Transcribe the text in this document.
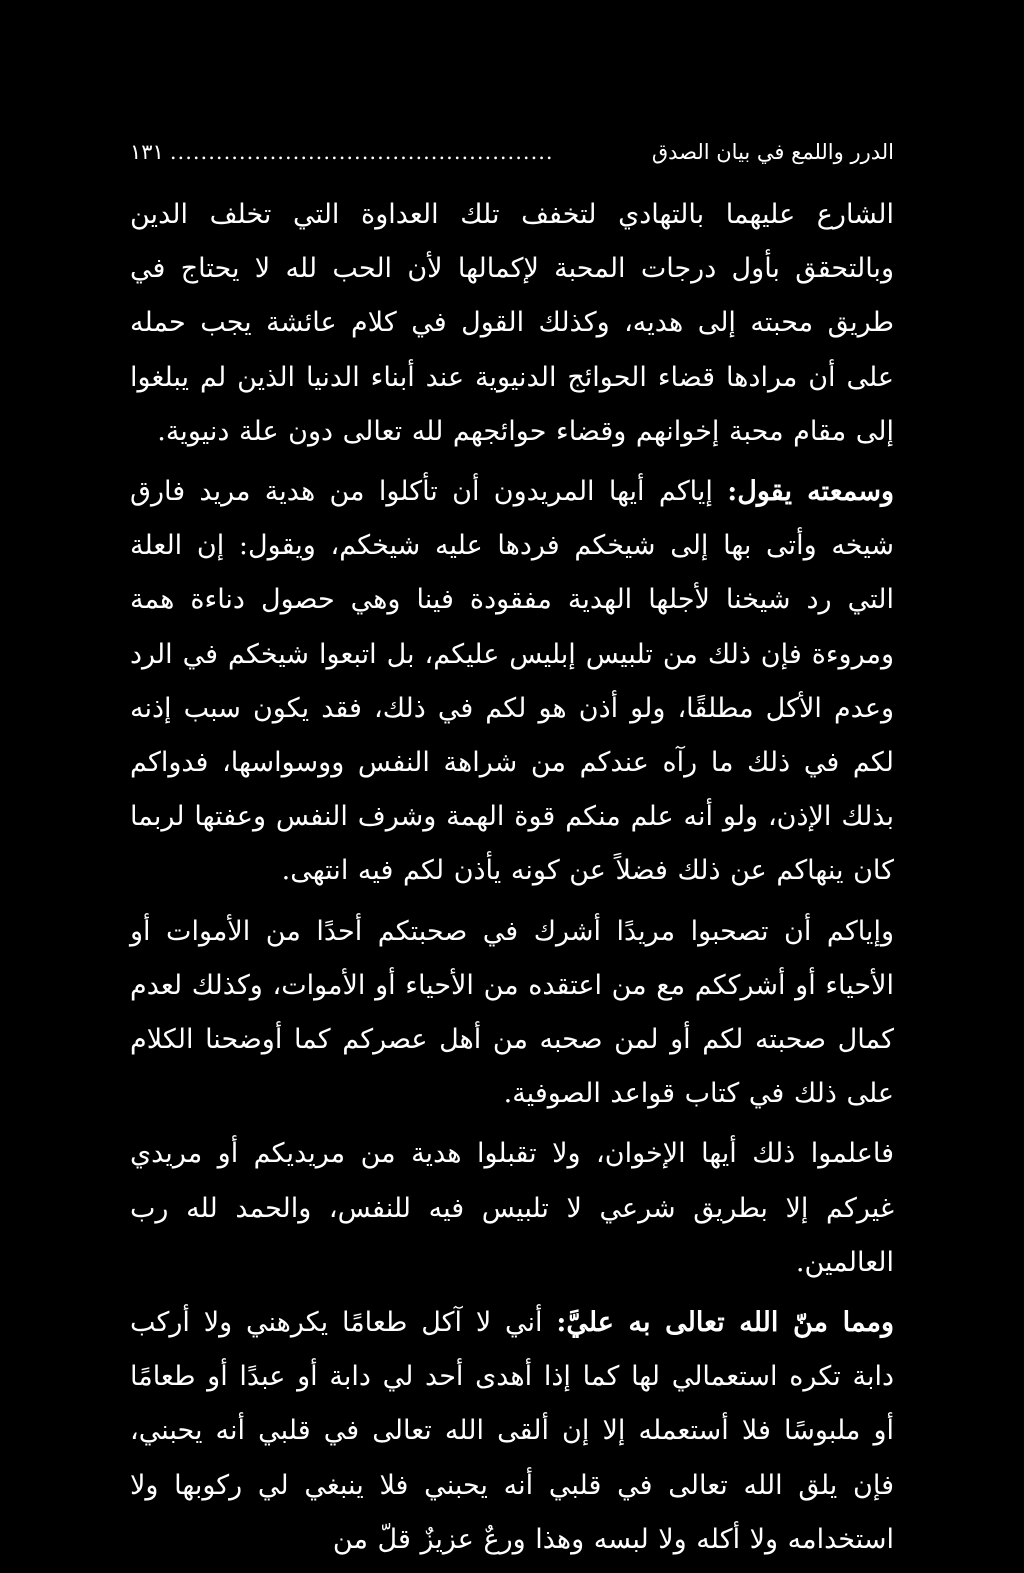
الدرر واللمع في بيان الصدق
..................................................
١٣١

الشارع عليهما بالتهادي لتخفف تلك العداوة التي تخلف الدين وبالتحقق بأول درجات المحبة لإكمالها لأن الحب لله لا يحتاج في طريق محبته إلى هديه، وكذلك القول في كلام عائشة يجب حمله على أن مرادها قضاء الحوائج الدنيوية عند أبناء الدنيا الذين لم يبلغوا إلى مقام محبة إخوانهم وقضاء حوائجهم لله تعالى دون علة دنيوية.

وسمعته يقول: إياكم أيها المريدون أن تأكلوا من هدية مريد فارق شيخه وأتى بها إلى شيخكم فردها عليه شيخكم، ويقول: إن العلة التي رد شيخنا لأجلها الهدية مفقودة فينا وهي حصول دناءة همة ومروءة فإن ذلك من تلبيس إبليس عليكم، بل اتبعوا شيخكم في الرد وعدم الأكل مطلقًا، ولو أذن هو لكم في ذلك، فقد يكون سبب إذنه لكم في ذلك ما رآه عندكم من شراهة النفس ووسواسها، فدواكم بذلك الإذن، ولو أنه علم منكم قوة الهمة وشرف النفس وعفتها لربما كان ينهاكم عن ذلك فضلاً عن كونه يأذن لكم فيه انتهى.

وإياكم أن تصحبوا مريدًا أشرك في صحبتكم أحدًا من الأموات أو الأحياء أو أشرككم مع من اعتقده من الأحياء أو الأموات، وكذلك لعدم كمال صحبته لكم أو لمن صحبه من أهل عصركم كما أوضحنا الكلام على ذلك في كتاب قواعد الصوفية.

فاعلموا ذلك أيها الإخوان، ولا تقبلوا هدية من مريديكم أو مريدي غيركم إلا بطريق شرعي لا تلبيس فيه للنفس، والحمد لله رب العالمين.

ومما منّ الله تعالى به عليَّ: أني لا آكل طعامًا يكرهني ولا أركب دابة تكره استعمالي لها كما إذا أهدى أحد لي دابة أو عبدًا أو طعامًا أو ملبوسًا فلا أستعمله إلا إن ألقى الله تعالى في قلبي أنه يحبني، فإن يلق الله تعالى في قلبي أنه يحبني فلا ينبغي لي ركوبها ولا استخدامه ولا أكله ولا لبسه وهذا ورعٌ عزيزٌ قلّ من
